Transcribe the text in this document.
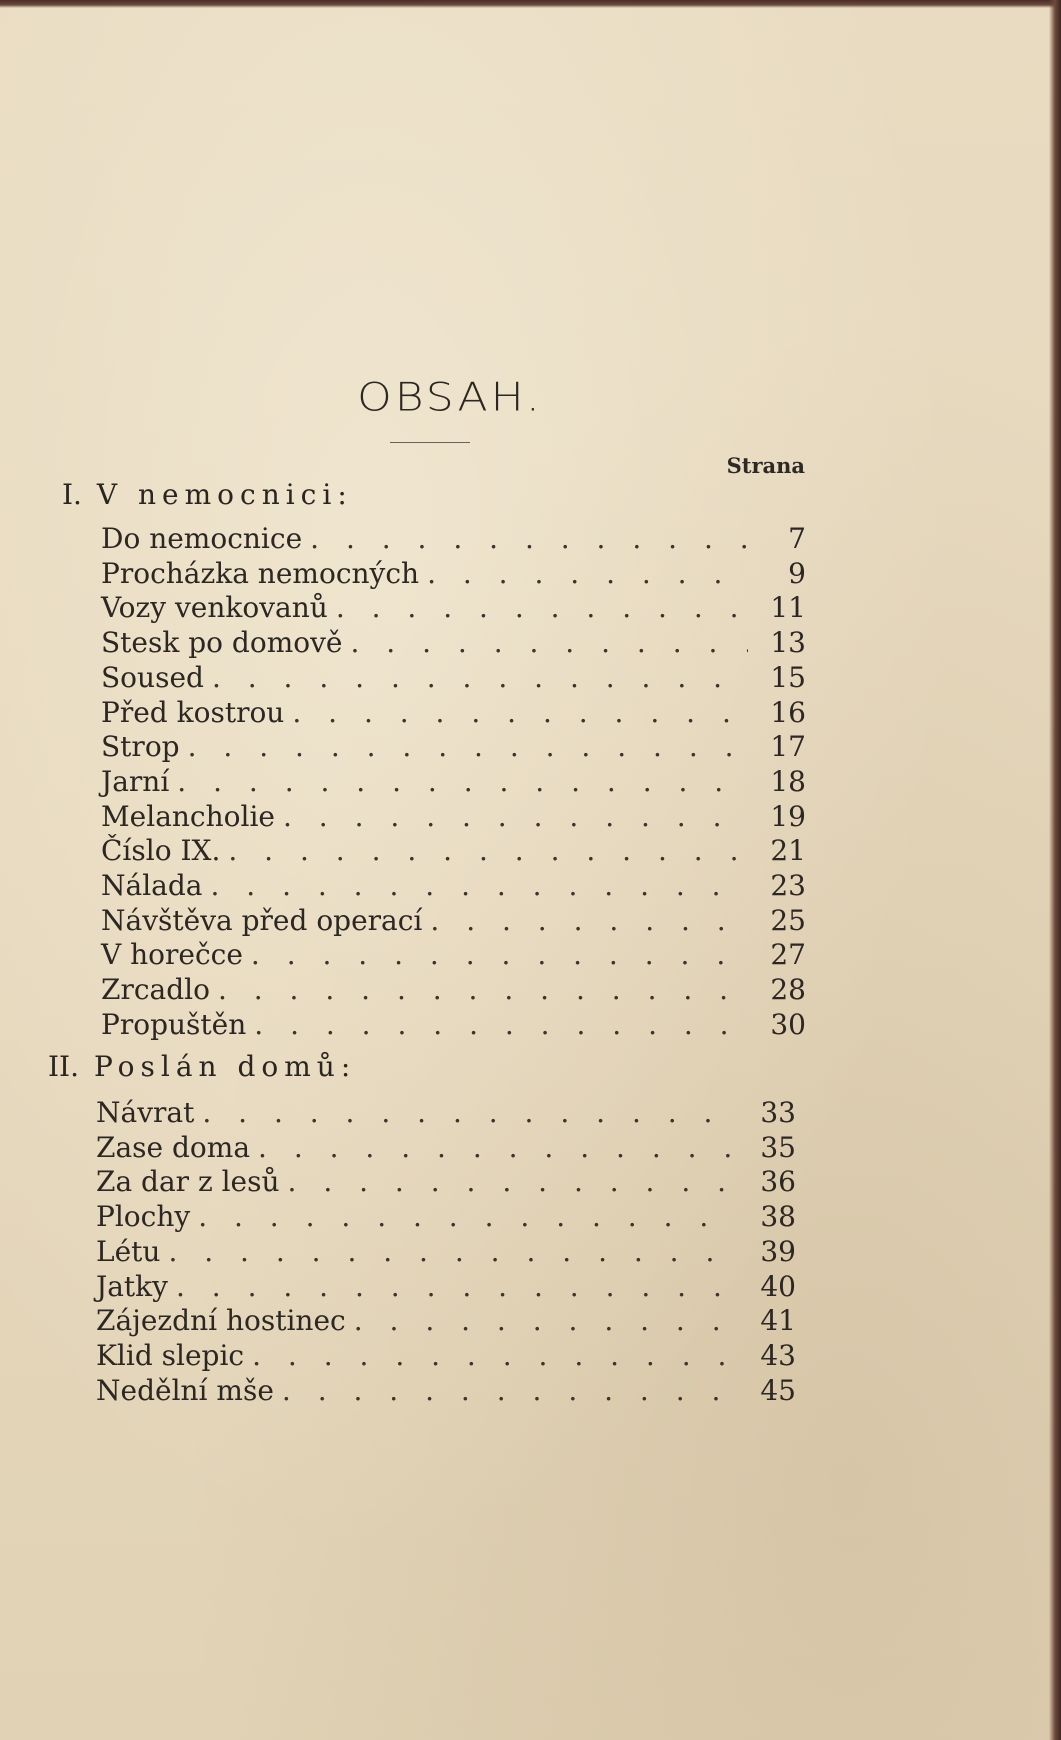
OBSAH.
Strana
I. V nemocnici:
Do nemocnice . . .	7
Procházka nemocných . . .	9
Vozy venkovanů . . .	11
Stesk po domově . . .	13
Soused . . .	15
Před kostrou . . .	16
Strop . . .	17
Jarní . . .	18
Melancholie . . .	19
Číslo IX. . . .	21
Nálada . . .	23
Návštěva před operací . . .	25
V horečce . . .	27
Zrcadlo . . .	28
Propuštěn . . .	30
II. Poslán domů:
Návrat . . .	33
Zase doma . . .	35
Za dar z lesů . . .	36
Plochy . . .	38
Létu . . .	39
Jatky . . .	40
Zájezdní hostinec . . .	41
Klid slepic . . .	43
Nedělní mše . . .	45
